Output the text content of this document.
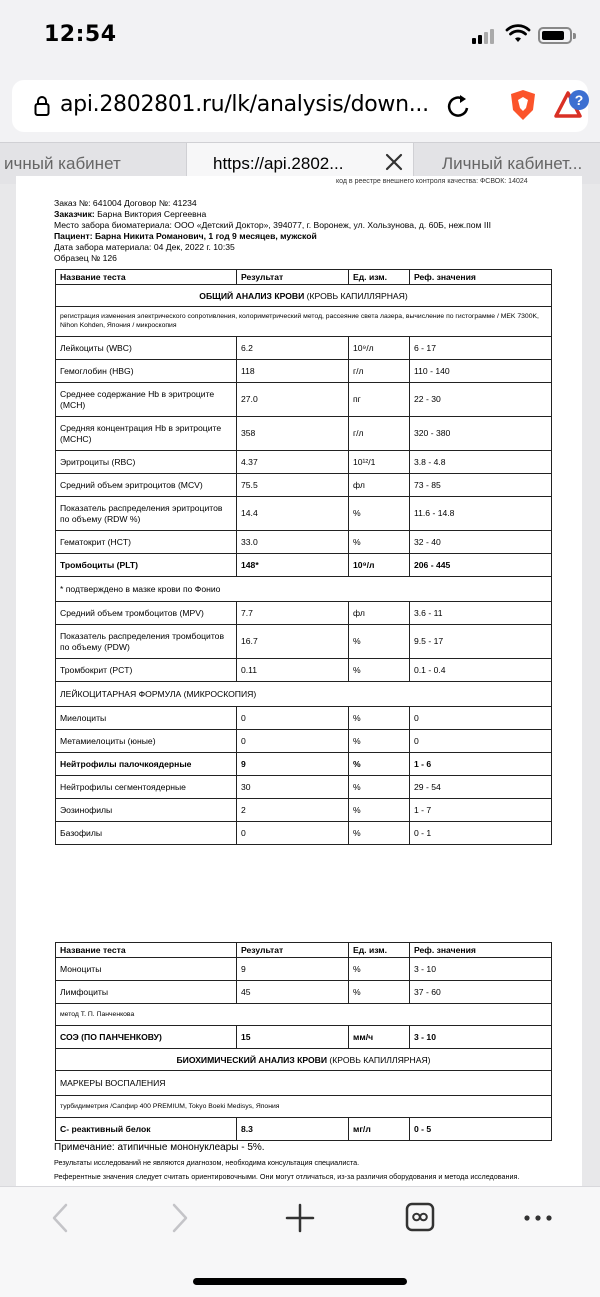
12:54
api.2802801.ru/lk/analysis/down...	?
ичный кабинет	https://api.2802...	Личный кабинет...
код в реестре внешнего контроля качества: ФСВОК: 14024
Заказ №: 641004 Договор №: 41234
Заказчик: Барна Виктория Сергеевна
Место забора биоматериала: ООО «Детский Доктор», 394077, г. Воронеж, ул. Хользунова, д. 60Б, неж.пом III
Пациент: Барна Никита Романович, 1 год 9 месяцев, мужской
Дата забора материала: 04 Дек, 2022 г. 10:35
Образец № 126
Название теста	Результат	Ед. изм.	Реф. значения
ОБЩИЙ АНАЛИЗ КРОВИ (КРОВЬ КАПИЛЛЯРНАЯ)			
регистрация изменения электрического сопротивления, колориметрический метод, рассеяние света лазера, вычисление по гистограмме / MEK 7300K, Nihon Kohden, Япония / микроскопия			
Лейкоциты (WBC)	6.2	10⁹/л	6 - 17
Гемоглобин (HBG)	118	г/л	110 - 140
Среднее содержание Hb в эритроците (MCH)	27.0	пг	22 - 30
Средняя концентрация Hb в эритроците (MCHC)	358	г/л	320 - 380
Эритроциты (RBC)	4.37	10¹²/1	3.8 - 4.8
Средний объем эритроцитов (MCV)	75.5	фл	73 - 85
Показатель распределения эритроцитов по объему (RDW %)	14.4	%	11.6 - 14.8
Гематокрит (HCT)	33.0	%	32 - 40
Тромбоциты (PLT)	148*	10⁹/л	206 - 445
* подтверждено в мазке крови по Фонио			
Средний объем тромбоцитов (MPV)	7.7	фл	3.6 - 11
Показатель распределения тромбоцитов по объему (PDW)	16.7	%	9.5 - 17
Тромбокрит (PCT)	0.11	%	0.1 - 0.4
ЛЕЙКОЦИТАРНАЯ ФОРМУЛА (МИКРОСКОПИЯ)			
Миелоциты	0	%	0
Метамиелоциты (юные)	0	%	0
Нейтрофилы палочкоядерные	9	%	1 - 6
Нейтрофилы сегментоядерные	30	%	29 - 54
Эозинофилы	2	%	1 - 7
Базофилы	0	%	0 - 1
Название теста	Результат	Ед. изм.	Реф. значения
Моноциты	9	%	3 - 10
Лимфоциты	45	%	37 - 60
метод Т. П. Панченкова			
СОЭ (ПО ПАНЧЕНКОВУ)	15	мм/ч	3 - 10
БИОХИМИЧЕСКИЙ АНАЛИЗ КРОВИ (КРОВЬ КАПИЛЛЯРНАЯ)			
МАРКЕРЫ ВОСПАЛЕНИЯ			
турбидиметрия /Сапфир 400 PREMIUM, Tokyo Boeki Medisys, Япония			
С- реактивный белок	8.3	мг/л	0 - 5
Примечание: атипичные мононуклеары - 5%.
Результаты исследований не являются диагнозом, необходима консультация специалиста.
Референтные значения следует считать ориентировочными. Они могут отличаться, из-за различия оборудования и метода исследования.
